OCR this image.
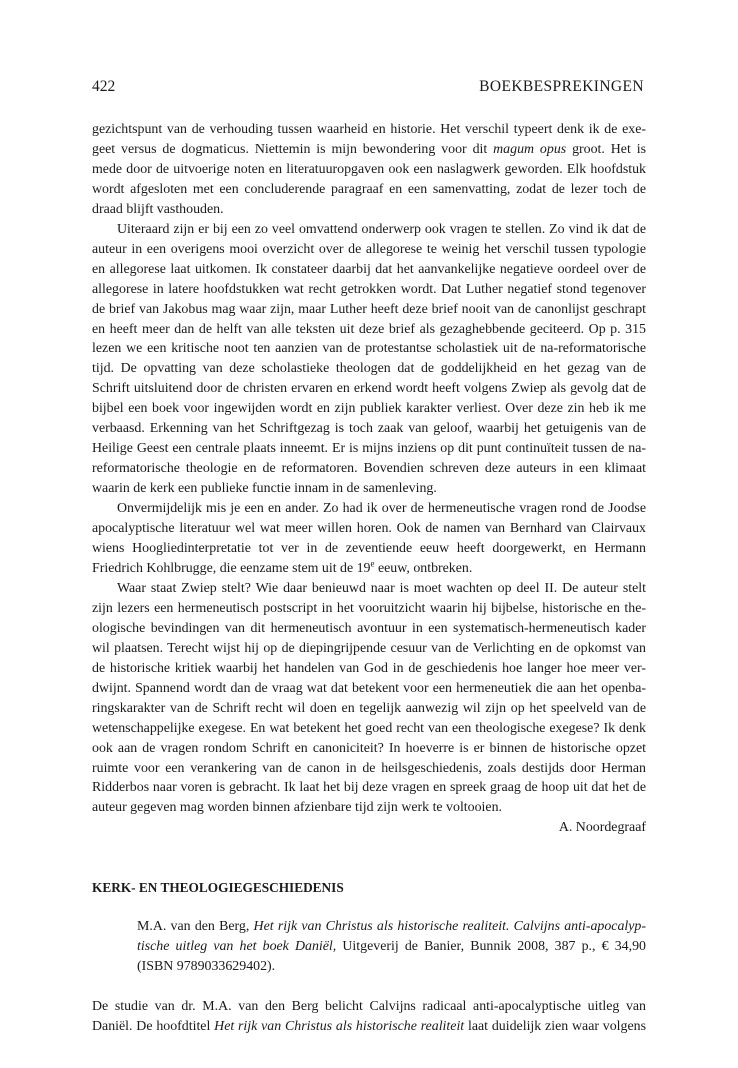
422	BOEKBESPREKINGEN

gezichtspunt van de verhouding tussen waarheid en historie. Het verschil typeert denk ik de exe-
geet versus de dogmaticus. Niettemin is mijn bewondering voor dit magum opus groot. Het is
mede door de uitvoerige noten en literatuuropgaven ook een naslagwerk geworden. Elk hoofdstuk
wordt afgesloten met een concluderende paragraaf en een samenvatting, zodat de lezer toch de
draad blijft vasthouden.

Uiteraard zijn er bij een zo veel omvattend onderwerp ook vragen te stellen. Zo vind ik dat de
auteur in een overigens mooi overzicht over de allegorese te weinig het verschil tussen typologie
en allegorese laat uitkomen. Ik constateer daarbij dat het aanvankelijke negatieve oordeel over de
allegorese in latere hoofdstukken wat recht getrokken wordt. Dat Luther negatief stond tegenover
de brief van Jakobus mag waar zijn, maar Luther heeft deze brief nooit van de canonlijst geschrapt
en heeft meer dan de helft van alle teksten uit deze brief als gezaghebbende geciteerd. Op p. 315
lezen we een kritische noot ten aanzien van de protestantse scholastiek uit de na-reformatorische
tijd. De opvatting van deze scholastieke theologen dat de goddelijkheid en het gezag van de
Schrift uitsluitend door de christen ervaren en erkend wordt heeft volgens Zwiep als gevolg dat de
bijbel een boek voor ingewijden wordt en zijn publiek karakter verliest. Over deze zin heb ik me
verbaasd. Erkenning van het Schriftgezag is toch zaak van geloof, waarbij het getuigenis van de
Heilige Geest een centrale plaats inneemt. Er is mijns inziens op dit punt continuïteit tussen de na-
reformatorische theologie en de reformatoren. Bovendien schreven deze auteurs in een klimaat
waarin de kerk een publieke functie innam in de samenleving.

Onvermijdelijk mis je een en ander. Zo had ik over de hermeneutische vragen rond de Joodse
apocalyptische literatuur wel wat meer willen horen. Ook de namen van Bernhard van Clairvaux
wiens Hoogliedinterpretatie tot ver in de zeventiende eeuw heeft doorgewerkt, en Hermann
Friedrich Kohlbrugge, die eenzame stem uit de 19e eeuw, ontbreken.

Waar staat Zwiep stelt? Wie daar benieuwd naar is moet wachten op deel II. De auteur stelt
zijn lezers een hermeneutisch postscript in het vooruitzicht waarin hij bijbelse, historische en the-
ologische bevindingen van dit hermeneutisch avontuur in een systematisch-hermeneutisch kader
wil plaatsen. Terecht wijst hij op de diepingrijpende cesuur van de Verlichting en de opkomst van
de historische kritiek waarbij het handelen van God in de geschiedenis hoe langer hoe meer ver-
dwijnt. Spannend wordt dan de vraag wat dat betekent voor een hermeneutiek die aan het openba-
ringskarakter van de Schrift recht wil doen en tegelijk aanwezig wil zijn op het speelveld van de
wetenschappelijke exegese. En wat betekent het goed recht van een theologische exegese? Ik denk
ook aan de vragen rondom Schrift en canoniciteit? In hoeverre is er binnen de historische opzet
ruimte voor een verankering van de canon in de heilsgeschiedenis, zoals destijds door Herman
Ridderbos naar voren is gebracht. Ik laat het bij deze vragen en spreek graag de hoop uit dat het de
auteur gegeven mag worden binnen afzienbare tijd zijn werk te voltooien.

A. Noordegraaf

KERK- EN THEOLOGIEGESCHIEDENIS
M.A. van den Berg, Het rijk van Christus als historische realiteit. Calvijns anti-apocalyp-
tische uitleg van het boek Daniël, Uitgeverij de Banier, Bunnik 2008, 387 p., € 34,90
(ISBN 9789033629402).

De studie van dr. M.A. van den Berg belicht Calvijns radicaal anti-apocalyptische uitleg van
Daniël. De hoofdtitel Het rijk van Christus als historische realiteit laat duidelijk zien waar volgens
